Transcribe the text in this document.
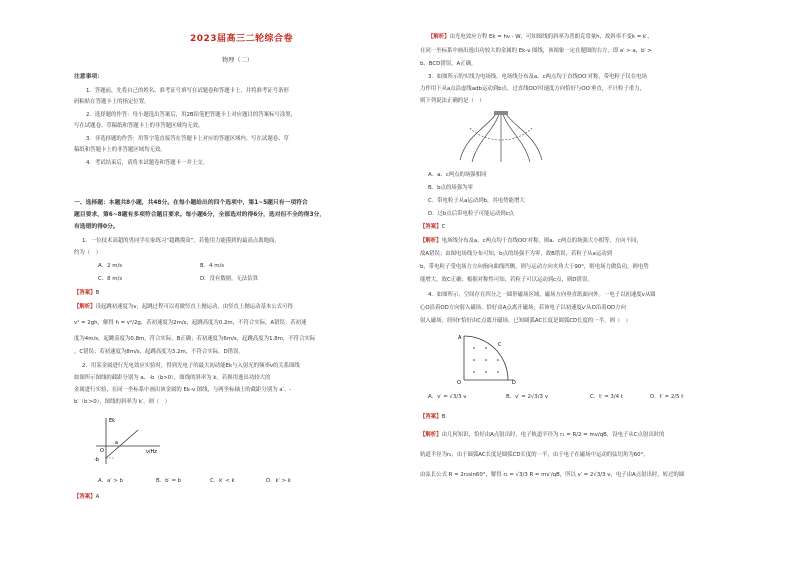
2023届高三二轮综合卷
物理（二）
注意事项：
1．答题前，先将自己的姓名、准考证号填写在试题卷和答题卡上，并将准考证号条形
码粘贴在答题卡上的指定位置。
2．选择题的作答：每小题选出答案后，用2B铅笔把答题卡上对应题目的答案标号涂黑，
写在试题卷、草稿纸和答题卡上的非答题区域均无效。
3．非选择题的作答：用签字笔直接答在答题卡上对应的答题区域内。写在试题卷、草
稿纸和答题卡上的非答题区域均无效。
4．考试结束后，请将本试题卷和答题卡一并上交。
一、选择题：本题共8小题，共48分。在每小题给出的四个选项中，第1~5题只有一项符合
题目要求，第6~8题有多项符合题目要求。每小题6分，全部选对的得6分，选对但不全的得3分，
有选错的得0分。
1．一位技术高超的男同学在家练习“超跳摸高”，若他用力能摸到的最高点离地面，
约为（　）
A．2 m/s	B．4 m/s
C．8 m/s	D．没有数据，无法估算
【答案】B
【解析】设起跳初速度为v，起跳过程可以看做竖直上抛运动，由竖直上抛运动基本公式可得
v² = 2gh，解得 h = v²/2g，若初速度为2m/s，起跳高度为0.2m，不符合实际，A错误；若初速
度为4m/s，起跳高度为0.8m，符合实际，B正确；若初速度为6m/s，起跳高度为1.8m，不符合实际
，C错误；若初速度为8m/s，起跳高度为3.2m，不符合实际，D错误。
2．用某金属进行光电效应实验时，得到光电子的最大初动能Ek与入射光的频率ν的关系图线
如图所示图线的截距分别为 a、-b（b>0），图线的斜率为 k。若换用逸出功较大的
金属进行实验，在同一坐标系中画出该金属的 Ek-ν 图线，与两坐标轴上的截距分别为 a′、-
b′（b′>0），图线的斜率为 k′，则（　）
Ek
ν/Hz
O
a
-b
A．a′ > b	B．b′ = b	C．k′ < k	D．k′ > k
【答案】A
【解析】由光电效应方程 Ek = hν - W，可知图线的斜率为普朗克常量h，故斜率不变k = k′，
在同一坐标系中画出逸出功较大的金属的 Ek-ν 图线，该图象一定在题图的右方，即 a′ > a，b′ >
b，BCD错误，A正确。
3．如图所示的实线为电场线，电场线分布及a、c两点均于直线OO′对称，带电粒子仅在电场
力作用下从a点沿虚线adb运动到b点，过直线OO′时速度方向恰好与OO′垂直，不计粒子重力，
则下列说法正确的是（　）
A．a、c两点的场强相同
B．b点的场强为零
C．带电粒子从a运动到b，其电势能增大
D．过b点后带电粒子可能运动到c点
【答案】C
【解析】电场线分布及a、c两点均于直线OO′对称，则a、c两点的场强大小相等，方向不同，
故A错误；由图电场线分布可知，b点的场强不为零，故B错误；若粒子从a运动到
b，带电粒子受电场力方向指向曲线凹侧，则与运动方向夹角大于90°，则电场力做负功，则电势
能增大，故C正确；根据对称性可知，若粒子可以运动到c点，则D错误。
4．如图所示，空间存在四分之一圆形磁场区域，磁场方向垂直纸面向外。一电子以初速度v从圆
心O沿着OD方向射入磁场，恰好由A点离开磁场；若该电子以初速度v′从O沿着OD方向
射入磁场，经时t′恰好由C点离开磁场。已知圆弧AC长度是圆弧CD长度的一半，则（　）
A
C
O	D
A．v′ = √3/3 v	B．v′ = 2√3/3 v	C．t′ = 3/4 t	D．t′ = 2/5 t
【答案】B
【解析】由几何知识，恰好由A点射出时，电子轨道半径为 r₁ = R/2 = mv/qB，设电子从C点射出时的
轨道半径为r₂，由于圆弧AC长度是圆弧CD长度的一半，由于电子在磁场中运动的弦切角为60°，
由弦长公式 R = 2r₂sin60°，解得 r₂ = √3/3 R = mv′/qB，所以 v′ = 2√3/3 v，电子由A点射出时，转过的圆
